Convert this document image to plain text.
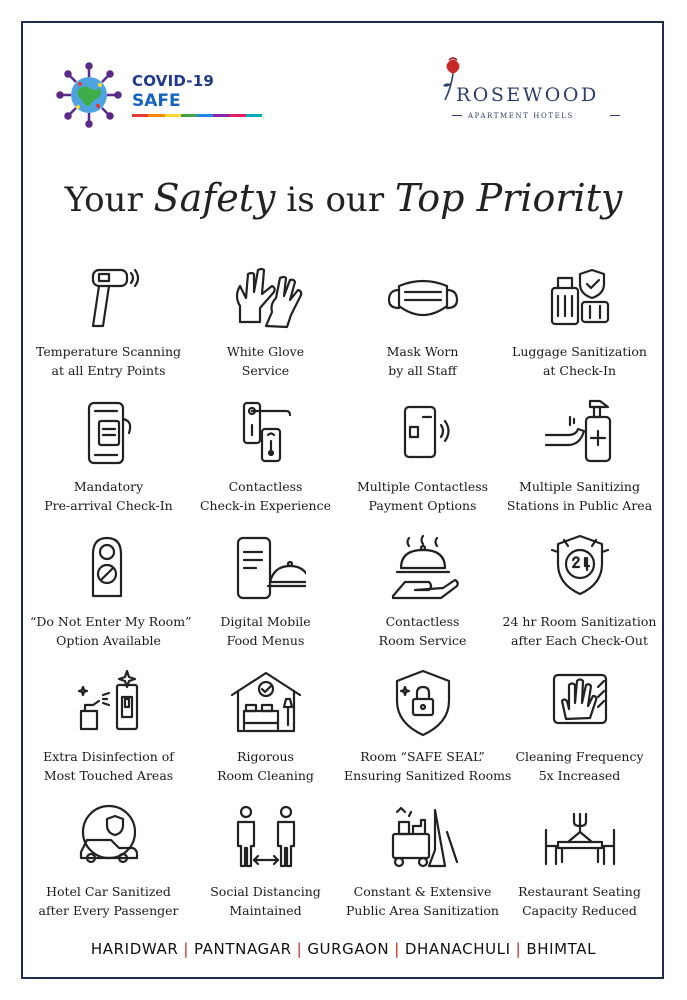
COVID-19
SAFE	ROSEWOOD
APARTMENT HOTELS
Your Safety is our Top Priority
Temperature Scanning
at all Entry Points
White Glove
Service
Mask Worn
by all Staff
Luggage Sanitization
at Check-In
Mandatory
Pre-arrival Check-In
Contactless
Check-in Experience
Multiple Contactless
Payment Options
Multiple Sanitizing
Stations in Public Area
“Do Not Enter My Room”
Option Available
Digital Mobile
Food Menus
Contactless
Room Service
24 hr Room Sanitization
after Each Check-Out
Extra Disinfection of
Most Touched Areas
Rigorous
Room Cleaning
Room “SAFE SEAL”
Ensuring Sanitized Rooms
Cleaning Frequency
5x Increased
Hotel Car Sanitized
after Every Passenger
Social Distancing
Maintained
Constant & Extensive
Public Area Sanitization
Restaurant Seating
Capacity Reduced
HARIDWAR | PANTNAGAR | GURGAON | DHANACHULI | BHIMTAL
